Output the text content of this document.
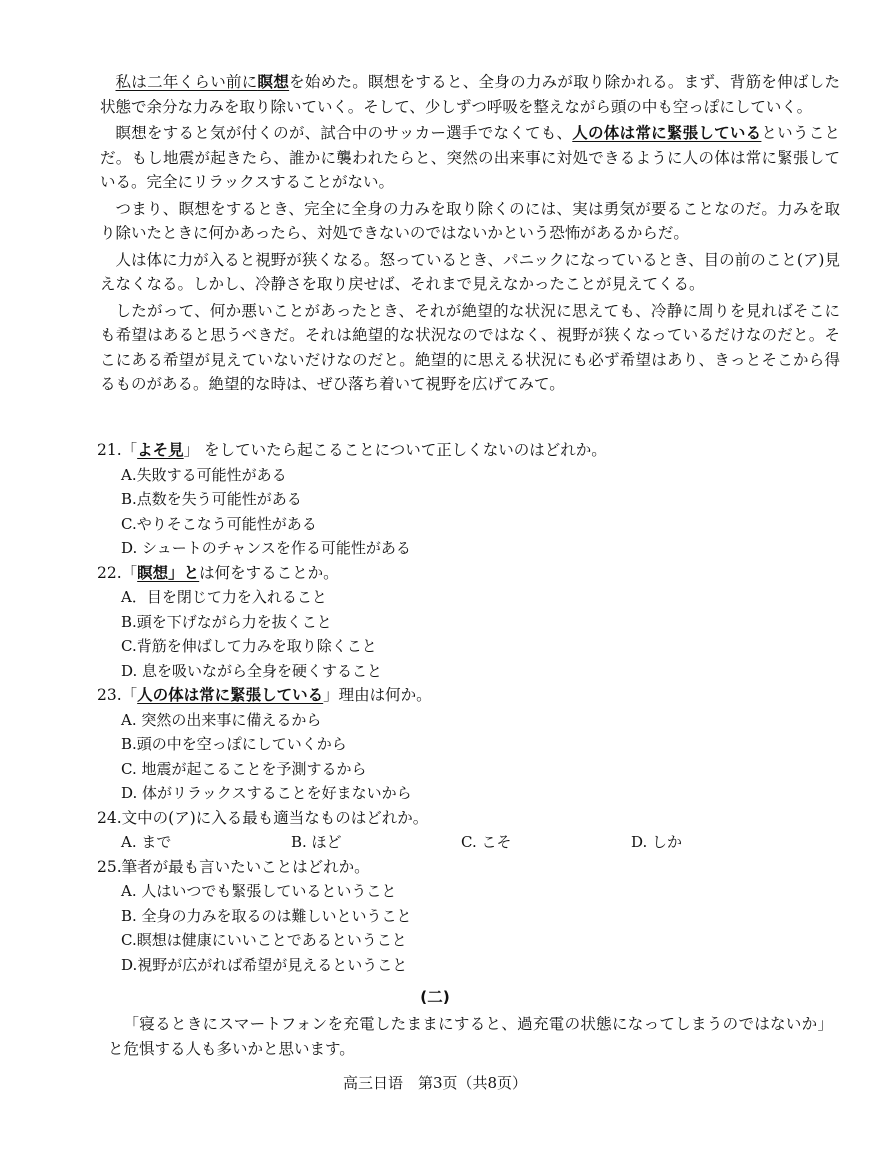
私は二年くらい前に瞑想を始めた。瞑想をすると、全身の力みが取り除かれる。まず、背筋を伸ばした状態で余分な力みを取り除いていく。そして、少しずつ呼吸を整えながら頭の中も空っぽにしていく。

瞑想をすると気が付くのが、試合中のサッカー選手でなくても、人の体は常に緊張しているということだ。もし地震が起きたら、誰かに襲われたらと、突然の出来事に対処できるように人の体は常に緊張している。完全にリラックスすることがない。

つまり、瞑想をするとき、完全に全身の力みを取り除くのには、実は勇気が要ることなのだ。力みを取り除いたときに何かあったら、対処できないのではないかという恐怖があるからだ。

人は体に力が入ると視野が狭くなる。怒っているとき、パニックになっているとき、目の前のこと(ア)見えなくなる。しかし、冷静さを取り戻せば、それまで見えなかったことが見えてくる。

したがって、何か悪いことがあったとき、それが絶望的な状況に思えても、冷静に周りを見ればそこにも希望はあると思うべきだ。それは絶望的な状況なのではなく、視野が狭くなっているだけなのだと。そこにある希望が見えていないだけなのだと。絶望的に思える状況にも必ず希望はあり、きっとそこから得るものがある。絶望的な時は、ぜひ落ち着いて視野を広げてみて。

21.「よそ見」 をしていたら起こることについて正しくないのはどれか。

A.失敗する可能性がある

B.点数を失う可能性がある

C.やりそこなう可能性がある

D. シュートのチャンスを作る可能性がある

22.「瞑想」とは何をすることか。

A．目を閉じて力を入れること

B.頭を下げながら力を抜くこと

C.背筋を伸ばして力みを取り除くこと

D. 息を吸いながら全身を硬くすること

23.「人の体は常に緊張している」理由は何か。

A. 突然の出来事に備えるから

B.頭の中を空っぽにしていくから

C. 地震が起こることを予測するから

D. 体がリラックスすることを好まないから

24.文中の(ア)に入る最も適当なものはどれか。

A. まで	B. ほど	C. こそ	D. しか

25.筆者が最も言いたいことはどれか。

A. 人はいつでも緊張しているということ

B. 全身の力みを取るのは難しいということ

C.瞑想は健康にいいことであるということ

D.視野が広がれば希望が見えるということ

(二)

「寝るときにスマートフォンを充電したままにすると、過充電の状態になってしまうのではないか」と危惧する人も多いかと思います。

高三日语　第3页（共8页）
